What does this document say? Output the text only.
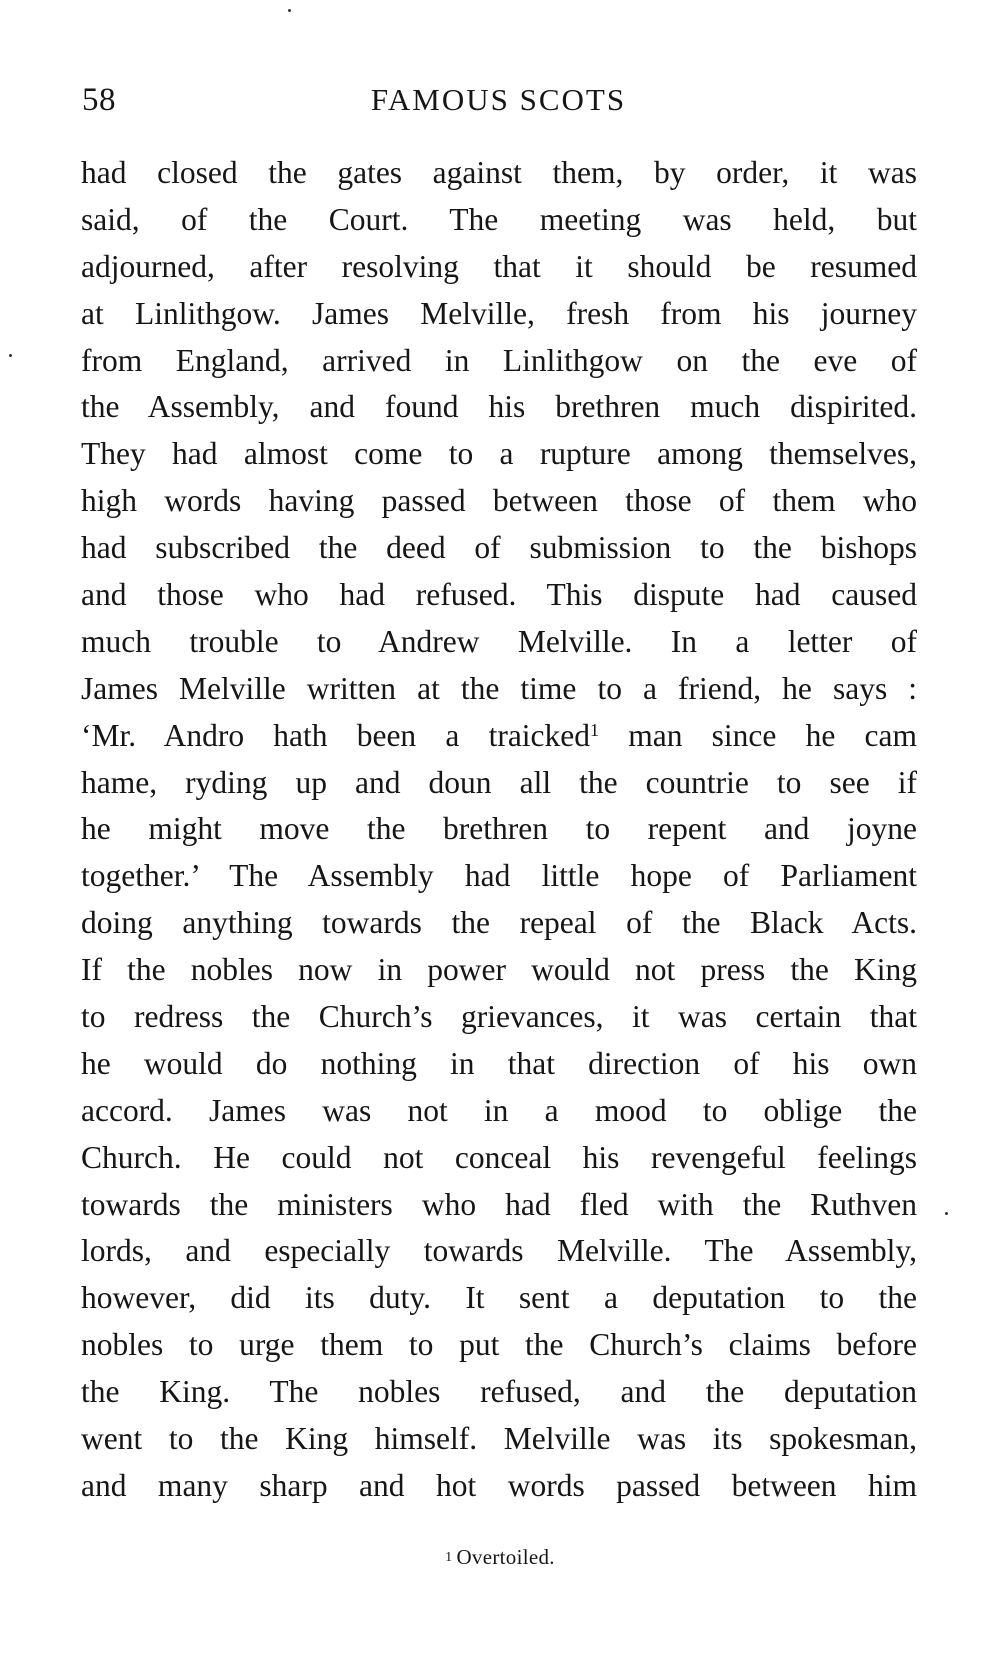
58	FAMOUS SCOTS
had closed the gates against them, by order, it was
said, of the Court. The meeting was held, but
adjourned, after resolving that it should be resumed
at Linlithgow. James Melville, fresh from his journey
from England, arrived in Linlithgow on the eve of
the Assembly, and found his brethren much dispirited.
They had almost come to a rupture among themselves,
high words having passed between those of them who
had subscribed the deed of submission to the bishops
and those who had refused. This dispute had caused
much trouble to Andrew Melville. In a letter of
James Melville written at the time to a friend, he says :
‘Mr. Andro hath been a traicked$^1$ man since he cam
hame, ryding up and doun all the countrie to see if
he might move the brethren to repent and joyne
together.’ The Assembly had little hope of Parliament
doing anything towards the repeal of the Black Acts.
If the nobles now in power would not press the King
to redress the Church’s grievances, it was certain that
he would do nothing in that direction of his own
accord. James was not in a mood to oblige the
Church. He could not conceal his revengeful feelings
towards the ministers who had fled with the Ruthven
lords, and especially towards Melville. The Assembly,
however, did its duty. It sent a deputation to the
nobles to urge them to put the Church’s claims before
the King. The nobles refused, and the deputation
went to the King himself. Melville was its spokesman,
and many sharp and hot words passed between him
1 Overtoiled.
